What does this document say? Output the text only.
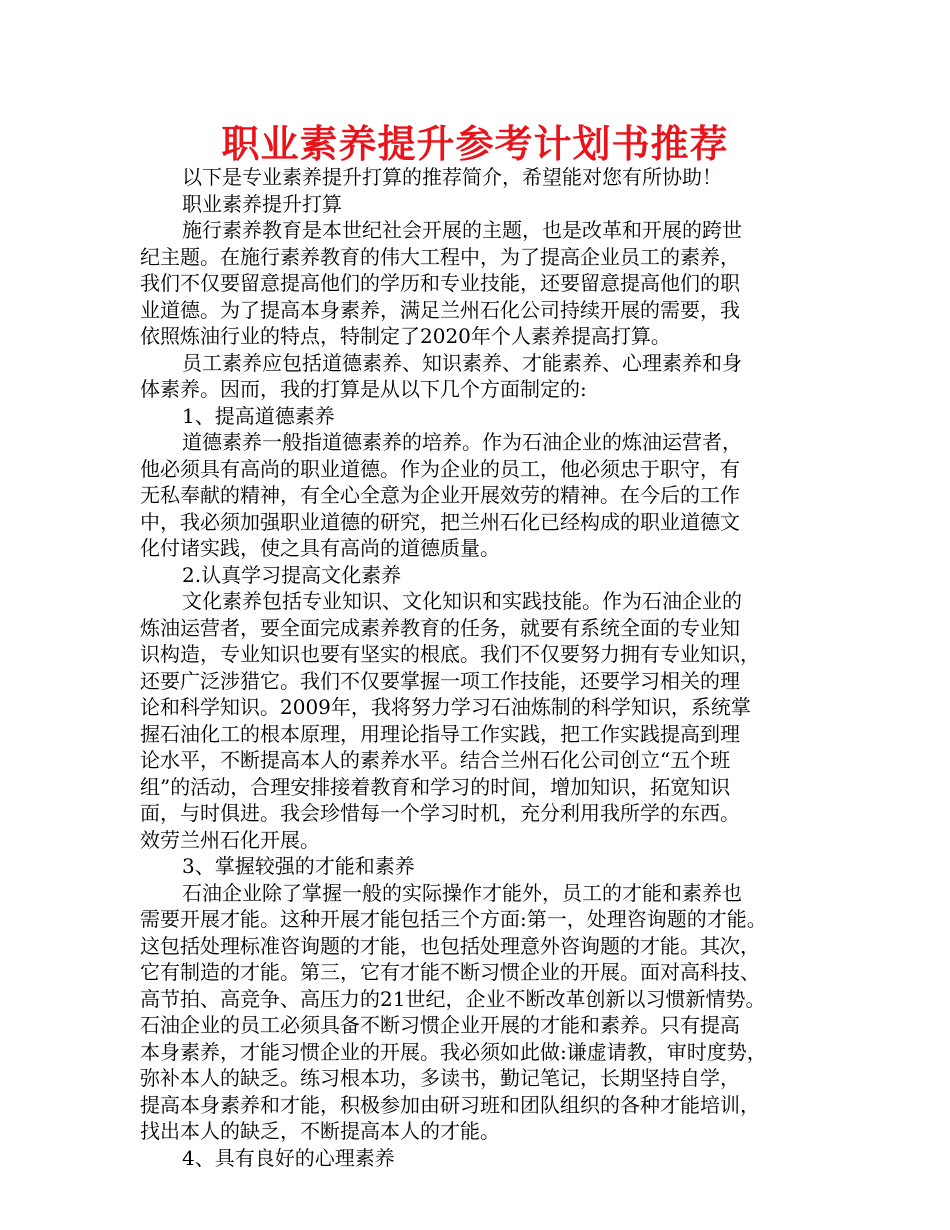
职业素养提升参考计划书推荐
以下是专业素养提升打算的推荐简介，希望能对您有所协助！
职业素养提升打算
施行素养教育是本世纪社会开展的主题，也是改革和开展的跨世
纪主题。在施行素养教育的伟大工程中，为了提高企业员工的素养，
我们不仅要留意提高他们的学历和专业技能，还要留意提高他们的职
业道德。为了提高本身素养，满足兰州石化公司持续开展的需要，我
依照炼油行业的特点，特制定了2020年个人素养提高打算。
员工素养应包括道德素养、知识素养、才能素养、心理素养和身
体素养。因而，我的打算是从以下几个方面制定的:
1、提高道德素养
道德素养一般指道德素养的培养。作为石油企业的炼油运营者，
他必须具有高尚的职业道德。作为企业的员工，他必须忠于职守，有
无私奉献的精神，有全心全意为企业开展效劳的精神。在今后的工作
中，我必须加强职业道德的研究，把兰州石化已经构成的职业道德文
化付诸实践，使之具有高尚的道德质量。
2.认真学习提高文化素养
文化素养包括专业知识、文化知识和实践技能。作为石油企业的
炼油运营者，要全面完成素养教育的任务，就要有系统全面的专业知
识构造，专业知识也要有坚实的根底。我们不仅要努力拥有专业知识，
还要广泛涉猎它。我们不仅要掌握一项工作技能，还要学习相关的理
论和科学知识。2009年，我将努力学习石油炼制的科学知识，系统掌
握石油化工的根本原理，用理论指导工作实践，把工作实践提高到理
论水平，不断提高本人的素养水平。结合兰州石化公司创立“五个班
组”的活动，合理安排接着教育和学习的时间，增加知识，拓宽知识
面，与时俱进。我会珍惜每一个学习时机，充分利用我所学的东西。
效劳兰州石化开展。
3、掌握较强的才能和素养
石油企业除了掌握一般的实际操作才能外，员工的才能和素养也
需要开展才能。这种开展才能包括三个方面:第一，处理咨询题的才能。
这包括处理标准咨询题的才能，也包括处理意外咨询题的才能。其次，
它有制造的才能。第三，它有才能不断习惯企业的开展。面对高科技、
高节拍、高竞争、高压力的21世纪，企业不断改革创新以习惯新情势。
石油企业的员工必须具备不断习惯企业开展的才能和素养。只有提高
本身素养，才能习惯企业的开展。我必须如此做:谦虚请教，审时度势，
弥补本人的缺乏。练习根本功，多读书，勤记笔记，长期坚持自学，
提高本身素养和才能，积极参加由研习班和团队组织的各种才能培训，
找出本人的缺乏，不断提高本人的才能。
4、具有良好的心理素养
